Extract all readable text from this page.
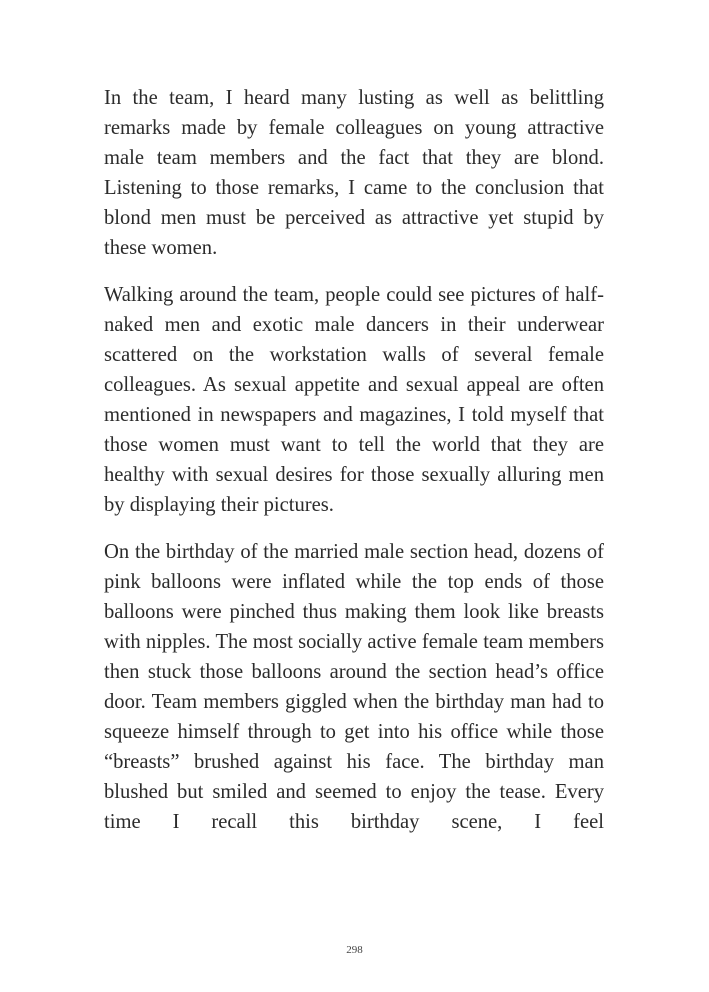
In the team, I heard many lusting as well as belittling remarks made by female colleagues on young attractive male team members and the fact that they are blond. Listening to those remarks, I came to the conclusion that blond men must be perceived as attractive yet stupid by these women.

Walking around the team, people could see pictures of half-naked men and exotic male dancers in their underwear scattered on the workstation walls of several female colleagues. As sexual appetite and sexual appeal are often mentioned in newspapers and magazines, I told myself that those women must want to tell the world that they are healthy with sexual desires for those sexually alluring men by displaying their pictures.

On the birthday of the married male section head, dozens of pink balloons were inflated while the top ends of those balloons were pinched thus making them look like breasts with nipples. The most socially active female team members then stuck those balloons around the section head’s office door. Team members giggled when the birthday man had to squeeze himself through to get into his office while those “breasts” brushed against his face. The birthday man blushed but smiled and seemed to enjoy the tease. Every time I recall this birthday scene, I feel

298
